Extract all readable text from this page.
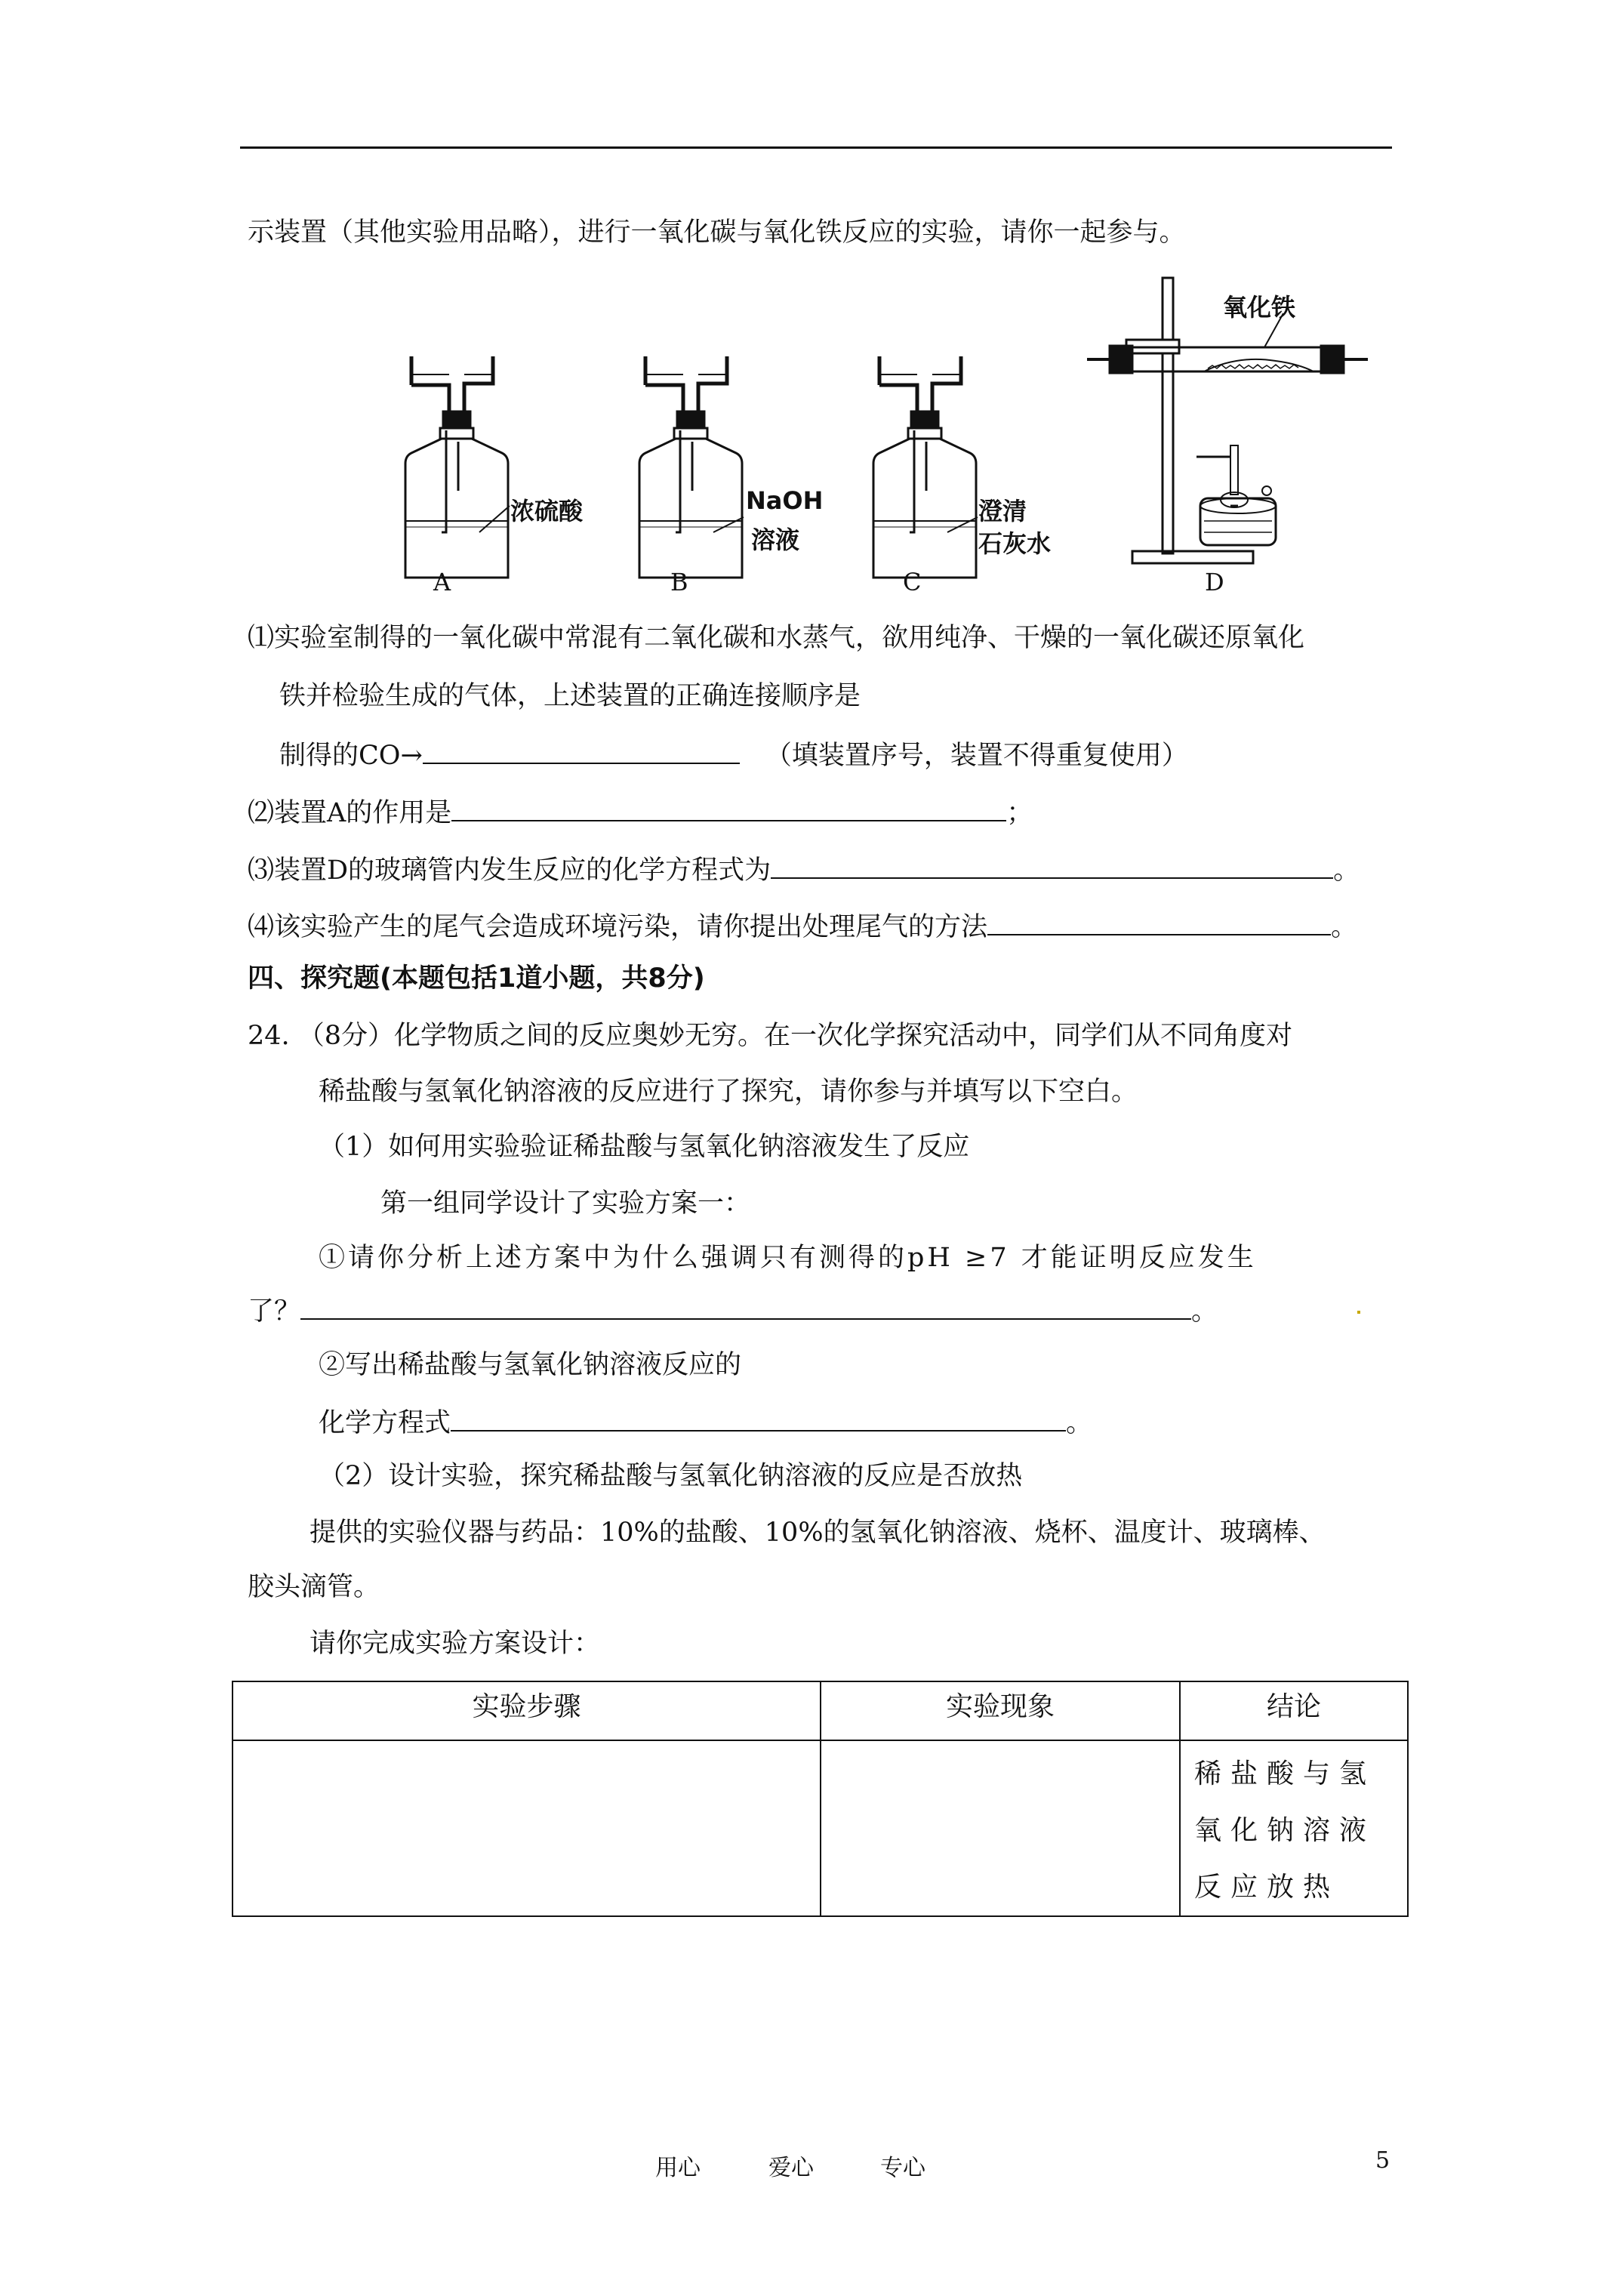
示装置（其他实验用品略），进行一氧化碳与氧化铁反应的实验，请你一起参与。
浓硫酸	NaOH
溶液
澄清
石灰水
氧化铁
A	B	C	D
⑴实验室制得的一氧化碳中常混有二氧化碳和水蒸气，欲用纯净、干燥的一氧化碳还原氧化
铁并检验生成的气体，上述装置的正确连接顺序是
制得的CO→	（填装置序号，装置不得重复使用）
⑵装置A的作用是	；
⑶装置D的玻璃管内发生反应的化学方程式为	。
⑷该实验产生的尾气会造成环境污染，请你提出处理尾气的方法	。
四、探究题(本题包括1道小题，共8分)
24. （8分）化学物质之间的反应奥妙无穷。在一次化学探究活动中，同学们从不同角度对
稀盐酸与氢氧化钠溶液的反应进行了探究，请你参与并填写以下空白。
（1）如何用实验验证稀盐酸与氢氧化钠溶液发生了反应
第一组同学设计了实验方案一：
①请你分析上述方案中为什么强调只有测得的pH ≥7 才能证明反应发生
了？	。
②写出稀盐酸与氢氧化钠溶液反应的
化学方程式	。
（2）设计实验，探究稀盐酸与氢氧化钠溶液的反应是否放热
提供的实验仪器与药品：10%的盐酸、10%的氢氧化钠溶液、烧杯、温度计、玻璃棒、
胶头滴管。
请你完成实验方案设计：
实验步骤	实验现象	结论
		稀盐酸与氢氧化钠溶液反应放热
用心	爱心	专心	5
